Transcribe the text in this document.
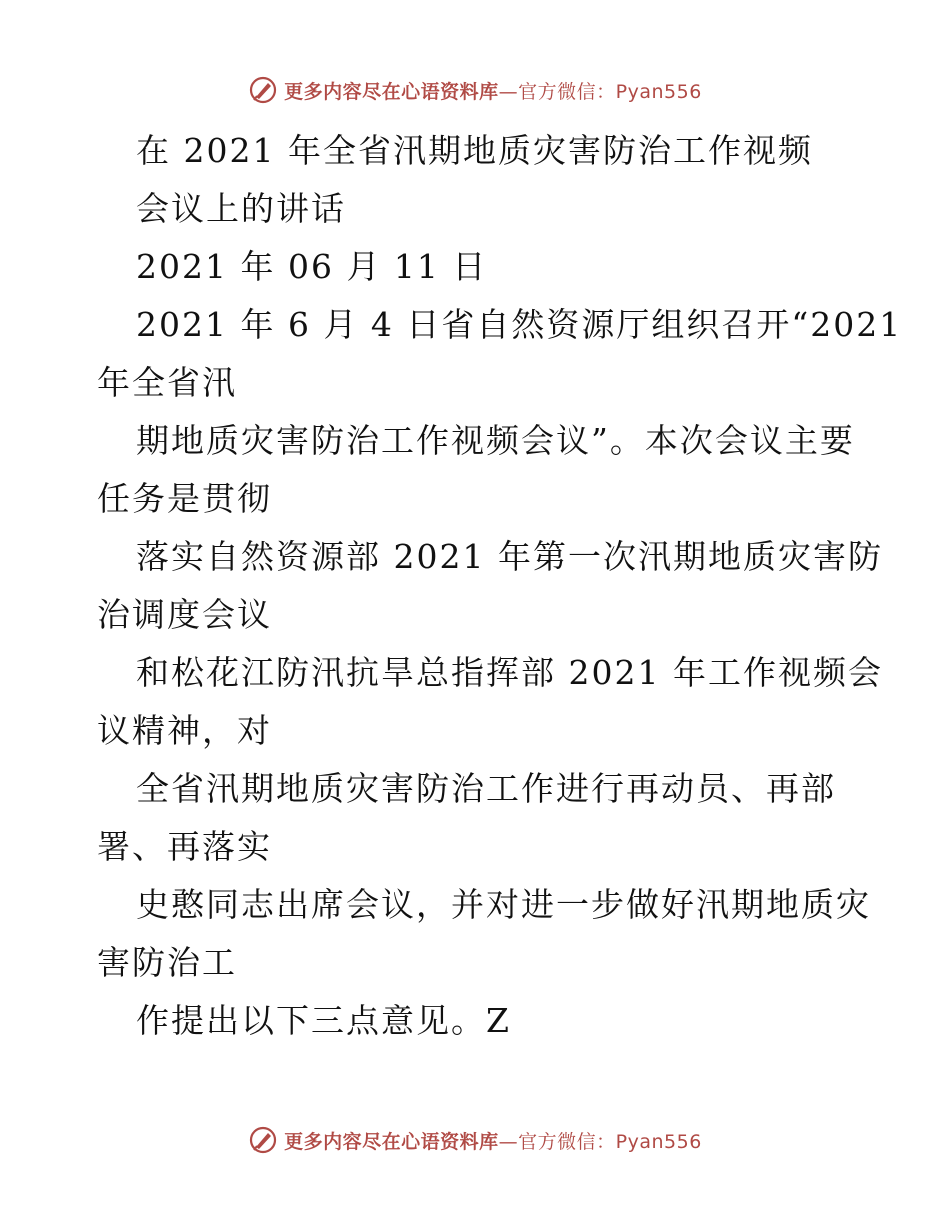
更多内容尽在心语资料库—官方微信：Pyan556
在 2021 年全省汛期地质灾害防治工作视频
会议上的讲话
2021 年 06 月 11 日
2021 年 6 月 4 日省自然资源厅组织召开“2021
年全省汛
期地质灾害防治工作视频会议”。本次会议主要
任务是贯彻
落实自然资源部 2021 年第一次汛期地质灾害防
治调度会议
和松花江防汛抗旱总指挥部 2021 年工作视频会
议精神，对
全省汛期地质灾害防治工作进行再动员、再部
署、再落实
史憨同志出席会议，并对进一步做好汛期地质灾
害防治工
作提出以下三点意见。Z
更多内容尽在心语资料库—官方微信：Pyan556
